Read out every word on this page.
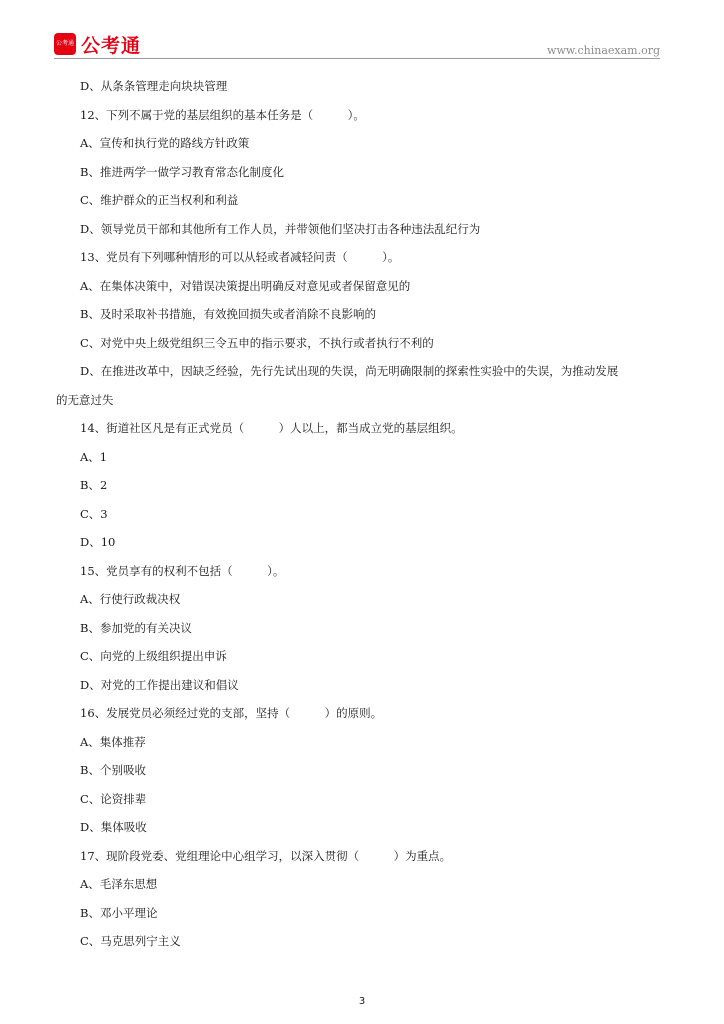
公考通 公考通	www.chinaexam.org
D、从条条管理走向块块管理
12、下列不属于党的基层组织的基本任务是（　　　）。
A、宣传和执行党的路线方针政策
B、推进两学一做学习教育常态化制度化
C、维护群众的正当权利和利益
D、领导党员干部和其他所有工作人员，并带领他们坚决打击各种违法乱纪行为
13、党员有下列哪种情形的可以从轻或者减轻问责（　　　）。
A、在集体决策中，对错误决策提出明确反对意见或者保留意见的
B、及时采取补书措施，有效挽回损失或者消除不良影响的
C、对党中央上级党组织三令五申的指示要求，不执行或者执行不利的
D、在推进改革中，因缺乏经验，先行先试出现的失误，尚无明确限制的探索性实验中的失误，为推动发展
的无意过失
14、街道社区凡是有正式党员（　　　）人以上，都当成立党的基层组织。
A、1
B、2
C、3
D、10
15、党员享有的权利不包括（　　　）。
A、行使行政裁决权
B、参加党的有关决议
C、向党的上级组织提出申诉
D、对党的工作提出建议和倡议
16、发展党员必须经过党的支部，坚持（　　　）的原则。
A、集体推荐
B、个别吸收
C、论资排辈
D、集体吸收
17、现阶段党委、党组理论中心组学习，以深入贯彻（　　　）为重点。
A、毛泽东思想
B、邓小平理论
C、马克思列宁主义
3
